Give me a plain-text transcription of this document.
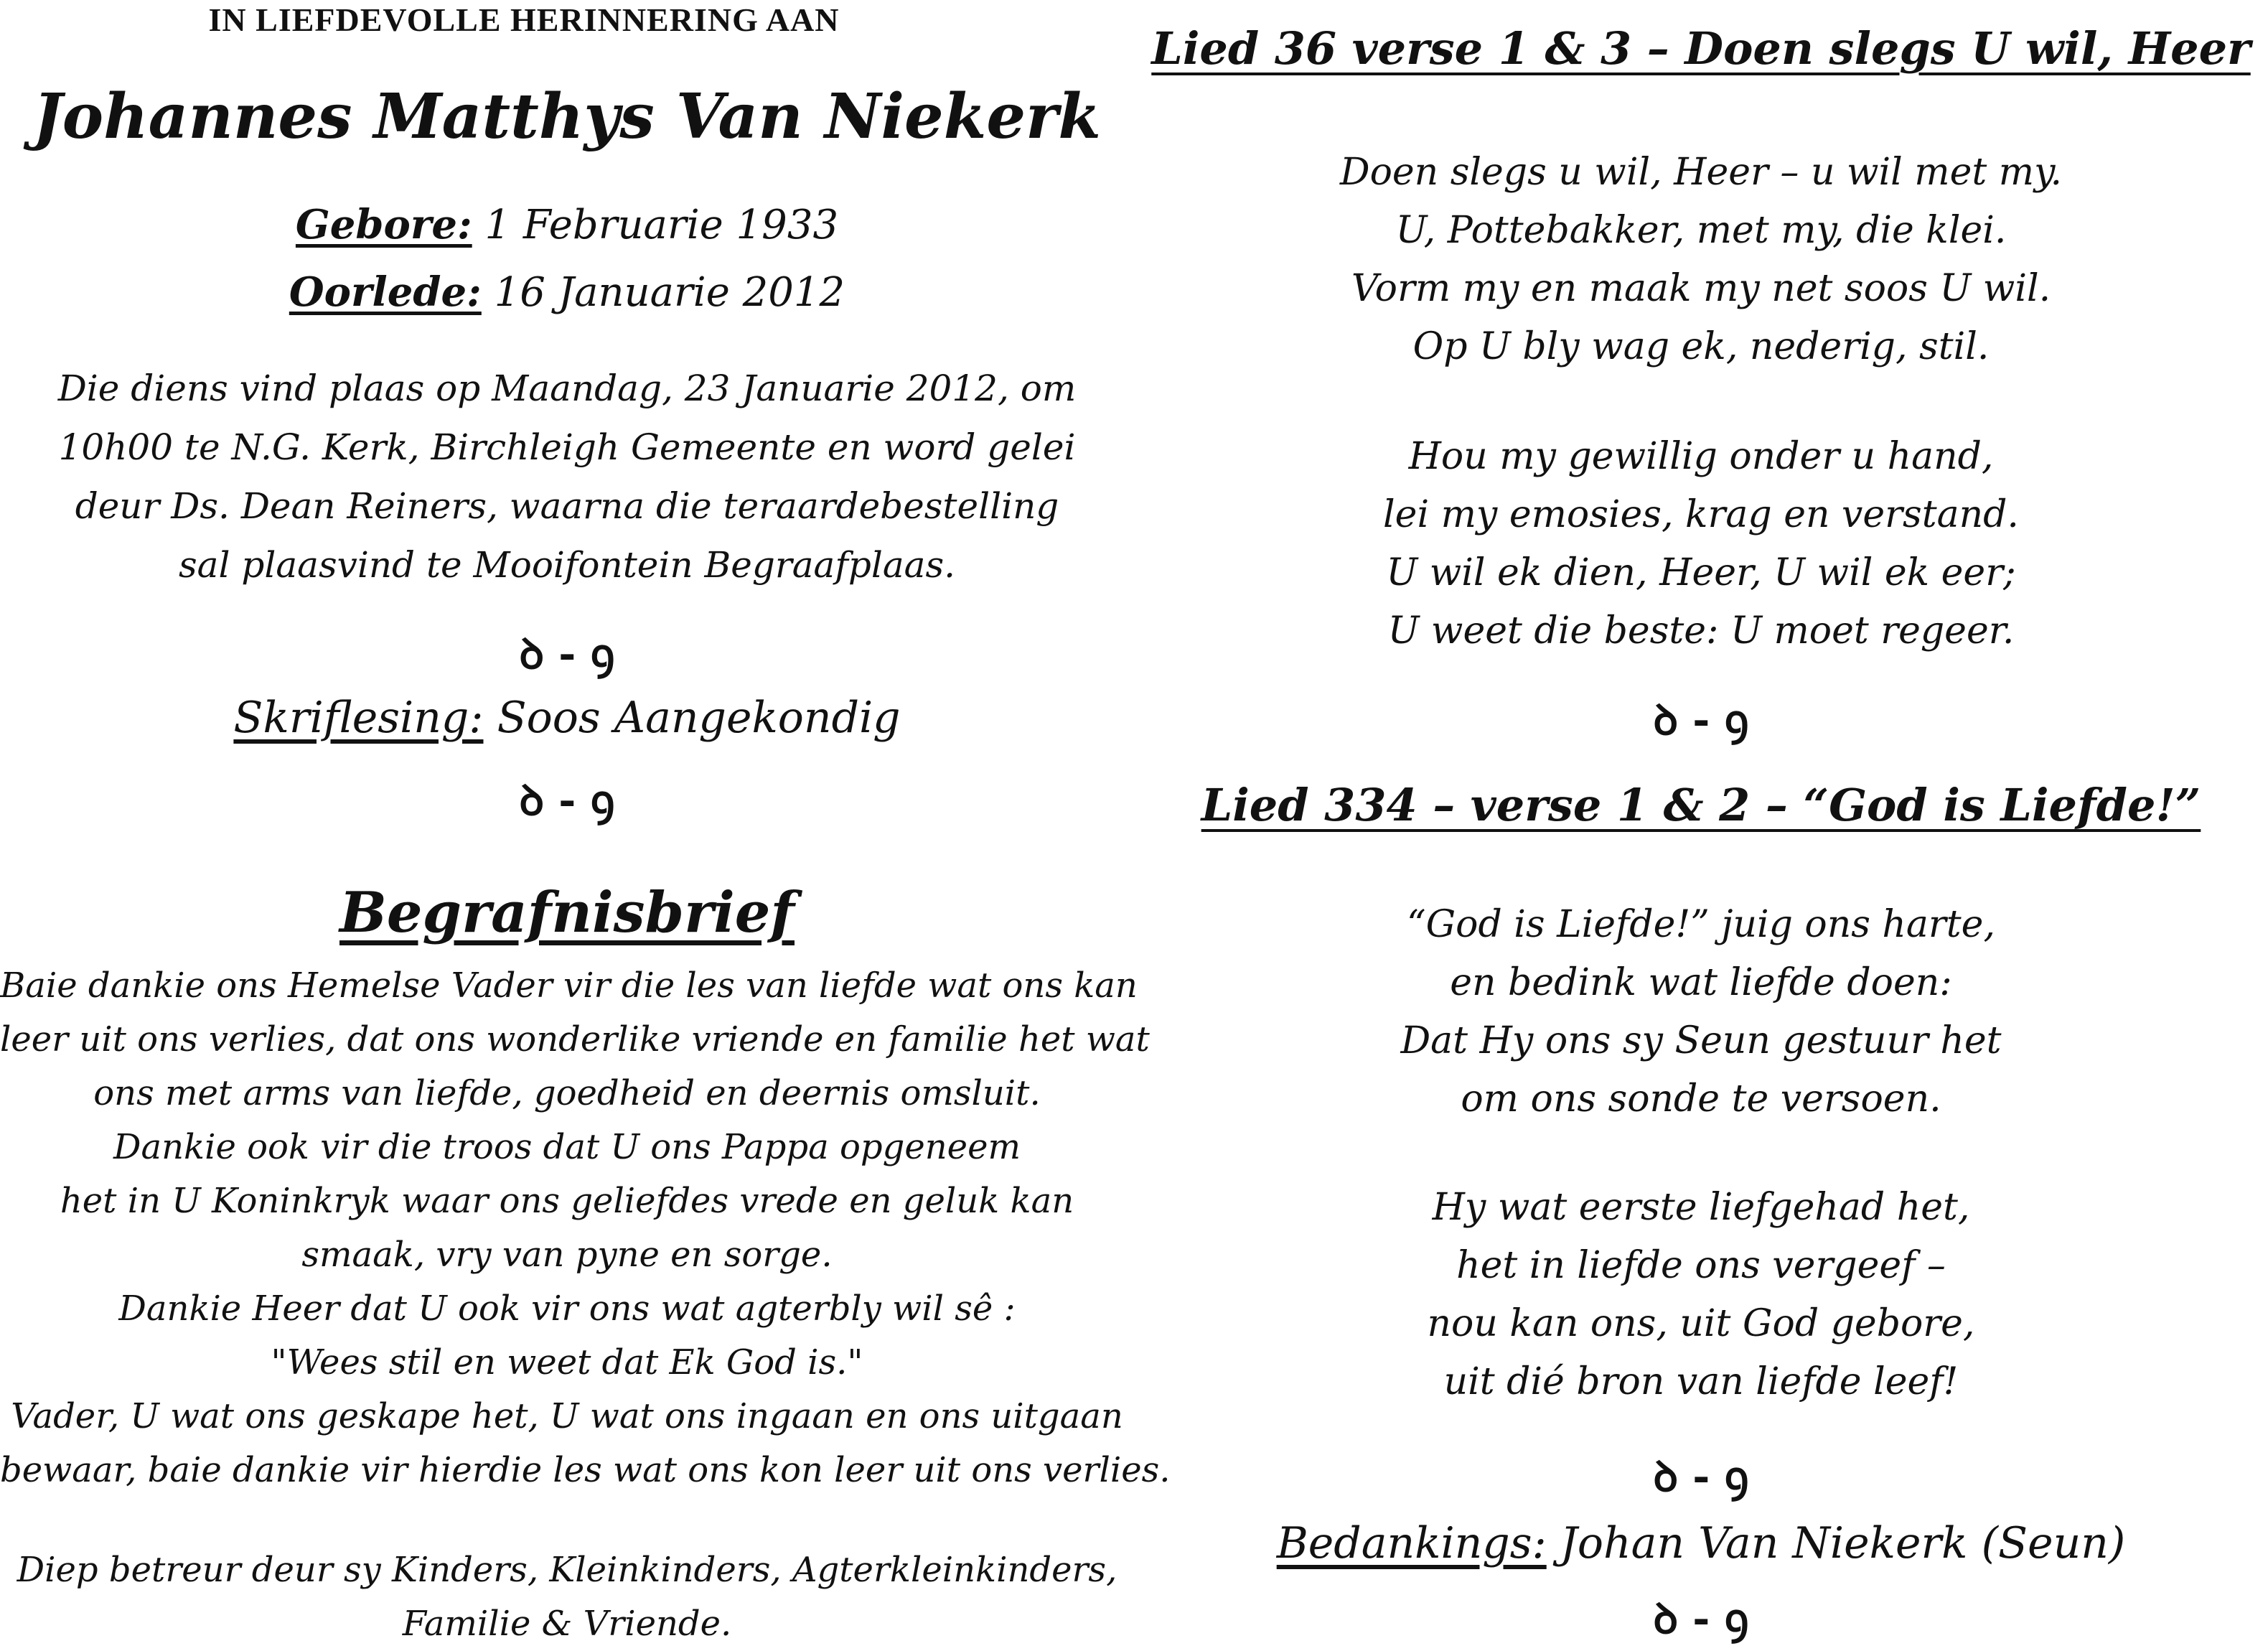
IN LIEFDEVOLLE HERINNERING AAN
Johannes Matthys Van Niekerk
Gebore: 1 Februarie 1933
Oorlede: 16 Januarie 2012
Die diens vind plaas op Maandag, 23 Januarie 2012, om
10h00 te N.G. Kerk, Birchleigh Gemeente en word gelei
deur Ds. Dean Reiners, waarna die teraardebestelling
sal plaasvind te Mooifontein Begraafplaas.
ꝺ - ꝯ
Skriflesing: Soos Aangekondig
ꝺ - ꝯ
Begrafnisbrief
Baie dankie ons Hemelse Vader vir die les van liefde wat ons kan
leer uit ons verlies, dat ons wonderlike vriende en familie het wat
ons met arms van liefde, goedheid en deernis omsluit.
Dankie ook vir die troos dat U ons Pappa opgeneem
het in U Koninkryk waar ons geliefdes vrede en geluk kan
smaak, vry van pyne en sorge.
Dankie Heer dat U ook vir ons wat agterbly wil sê :
"Wees stil en weet dat Ek God is."
Vader, U wat ons geskape het, U wat ons ingaan en ons uitgaan
bewaar, baie dankie vir hierdie les wat ons kon leer uit ons verlies.
Diep betreur deur sy Kinders, Kleinkinders, Agterkleinkinders,
Familie & Vriende.
Lied 36 verse 1 & 3 – Doen slegs U wil, Heer
Doen slegs u wil, Heer – u wil met my.
U, Pottebakker, met my, die klei.
Vorm my en maak my net soos U wil.
Op U bly wag ek, nederig, stil.
Hou my gewillig onder u hand,
lei my emosies, krag en verstand.
U wil ek dien, Heer, U wil ek eer;
U weet die beste: U moet regeer.
ꝺ - ꝯ
Lied 334 – verse 1 & 2 – “God is Liefde!”
“God is Liefde!” juig ons harte,
en bedink wat liefde doen:
Dat Hy ons sy Seun gestuur het
om ons sonde te versoen.
Hy wat eerste liefgehad het,
het in liefde ons vergeef –
nou kan ons, uit God gebore,
uit dié bron van liefde leef!
ꝺ - ꝯ
Bedankings: Johan Van Niekerk (Seun)
ꝺ - ꝯ
